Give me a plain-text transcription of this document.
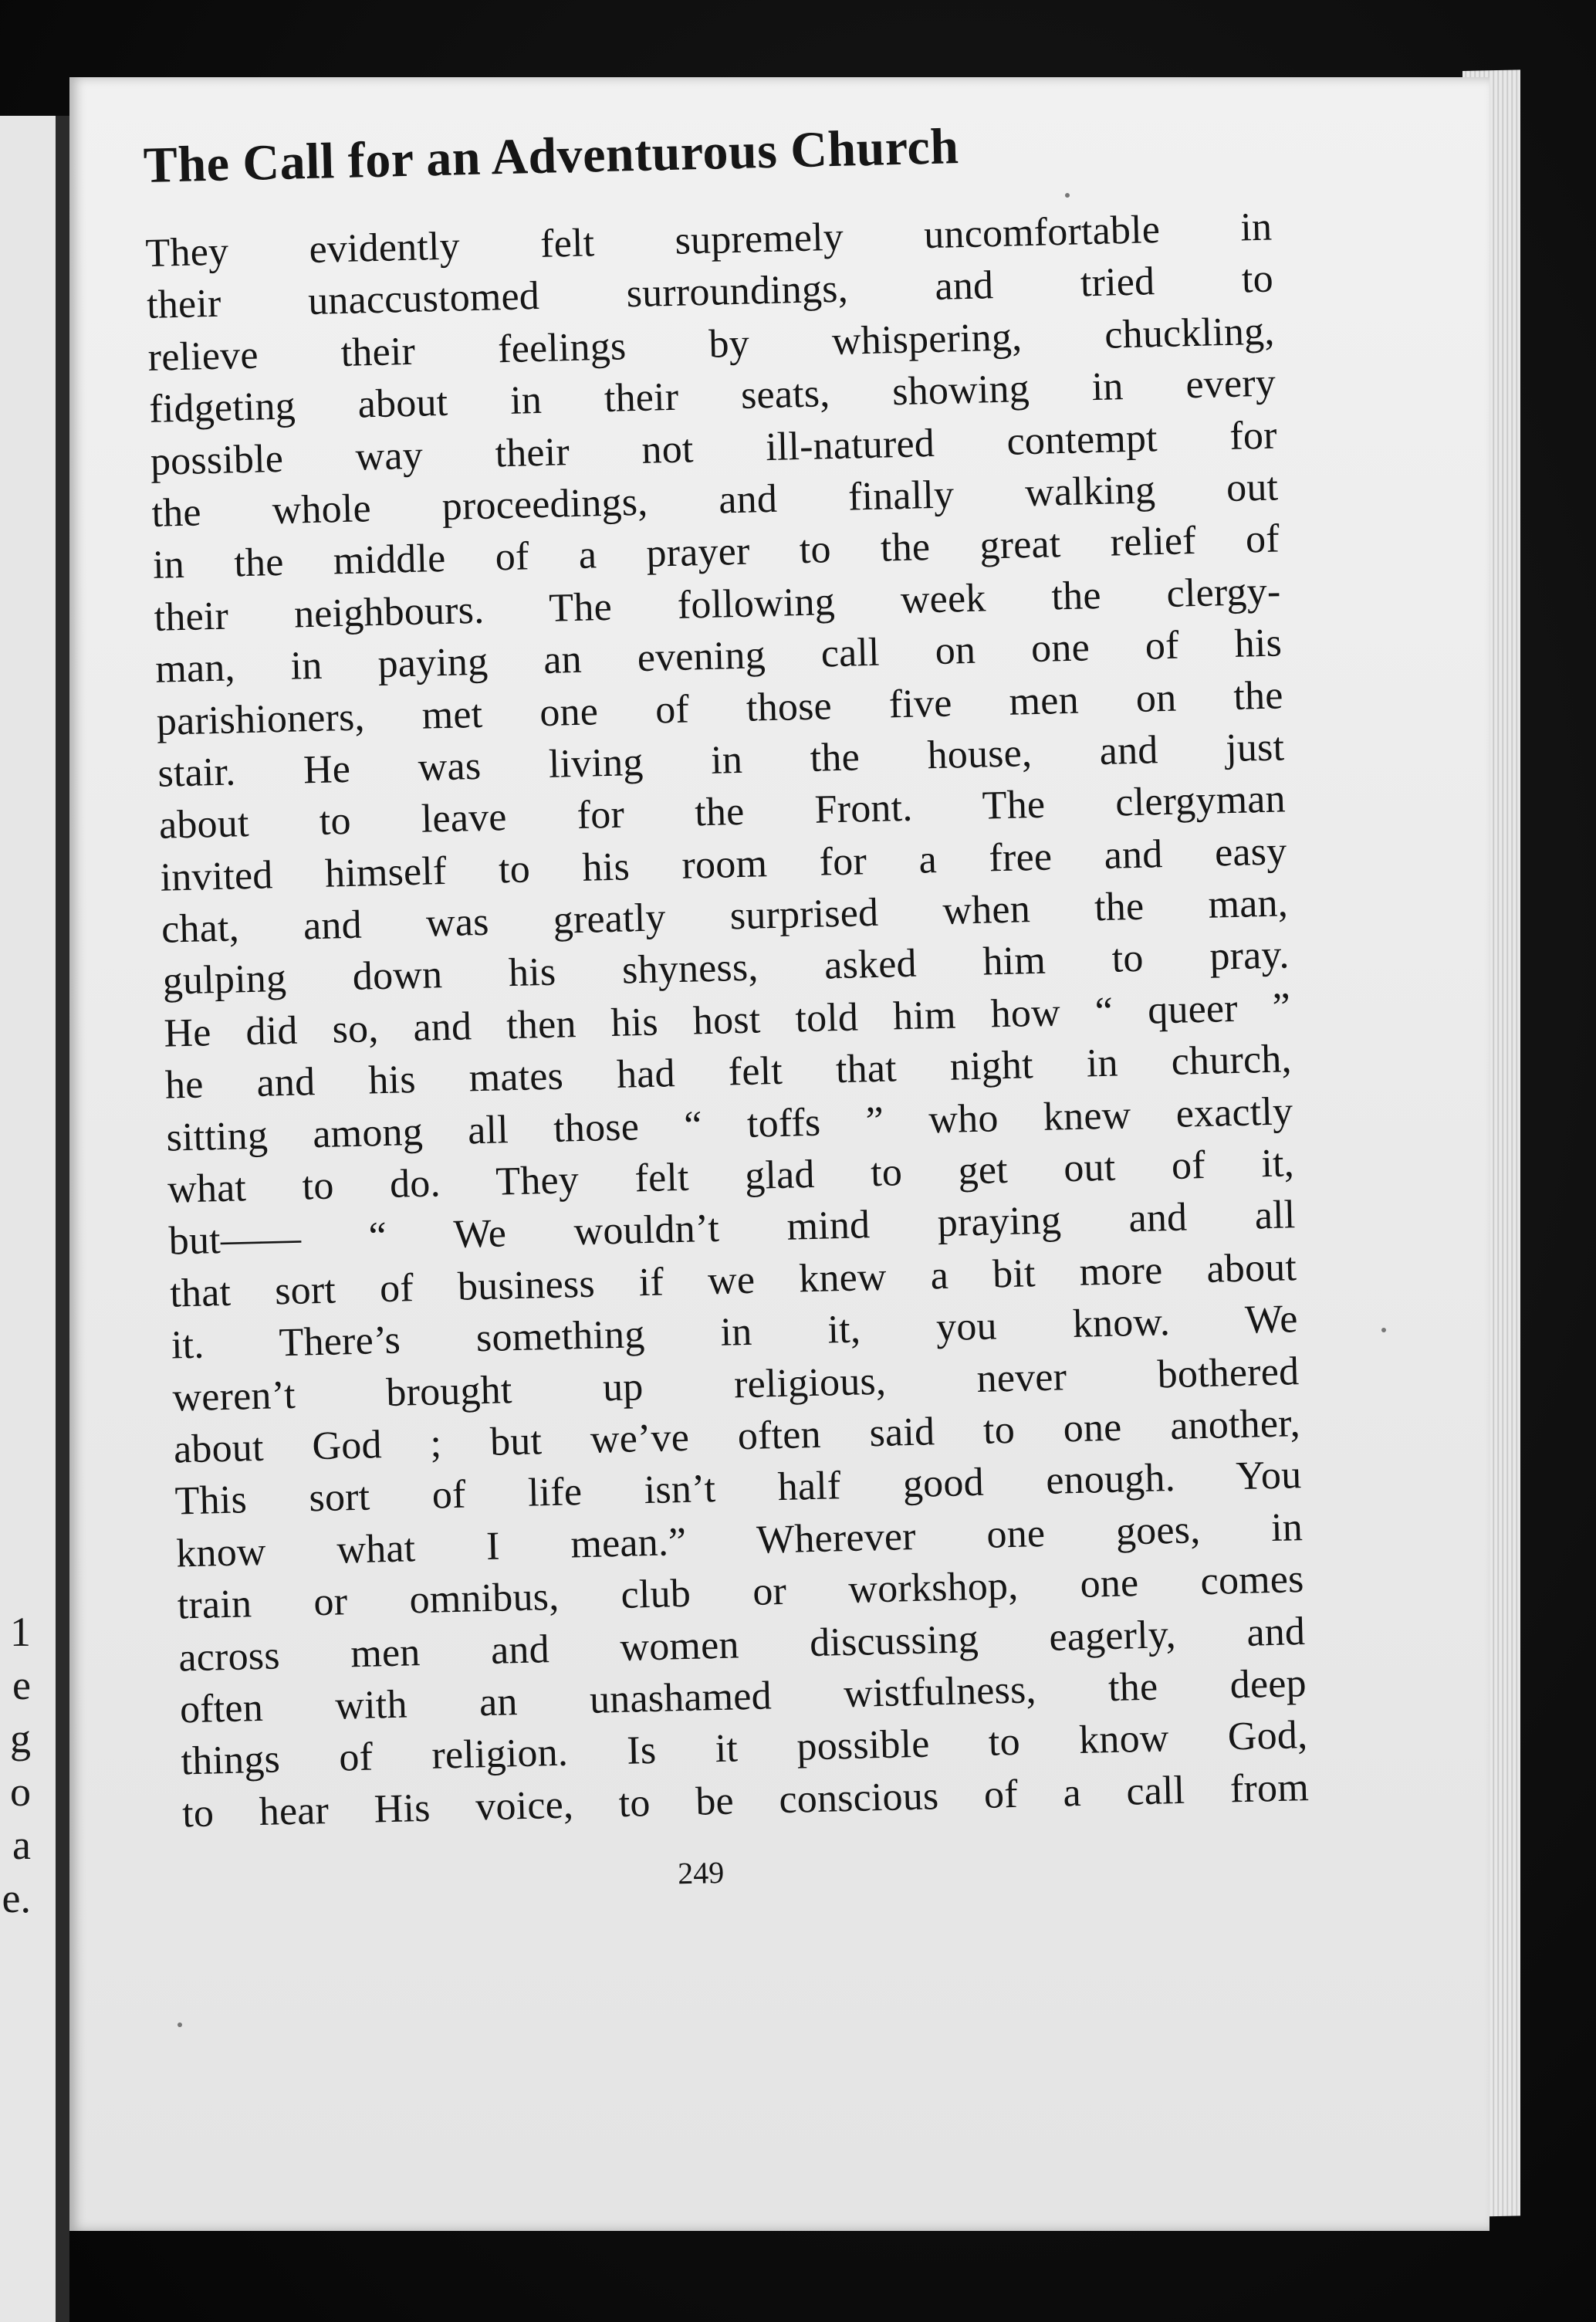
1
e
g
o
a
e.
The Call for an Adventurous Church
They evidently felt supremely uncomfortable in
their unaccustomed surroundings, and tried to
relieve their feelings by whispering, chuckling,
fidgeting about in their seats, showing in every
possible way their not ill-natured contempt for
the whole proceedings, and finally walking out
in the middle of a prayer to the great relief of
their neighbours. The following week the clergy-
man, in paying an evening call on one of his
parishioners, met one of those five men on the
stair. He was living in the house, and just
about to leave for the Front. The clergyman
invited himself to his room for a free and easy
chat, and was greatly surprised when the man,
gulping down his shyness, asked him to pray.
He did so, and then his host told him how “ queer ”
he and his mates had felt that night in church,
sitting among all those “ toffs ” who knew exactly
what to do. They felt glad to get out of it,
but—— “ We wouldn’t mind praying and all
that sort of business if we knew a bit more about
it. There’s something in it, you know. We
weren’t brought up religious, never bothered
about God ; but we’ve often said to one another,
This sort of life isn’t half good enough. You
know what I mean.” Wherever one goes, in
train or omnibus, club or workshop, one comes
across men and women discussing eagerly, and
often with an unashamed wistfulness, the deep
things of religion. Is it possible to know God,
to hear His voice, to be conscious of a call from
249
